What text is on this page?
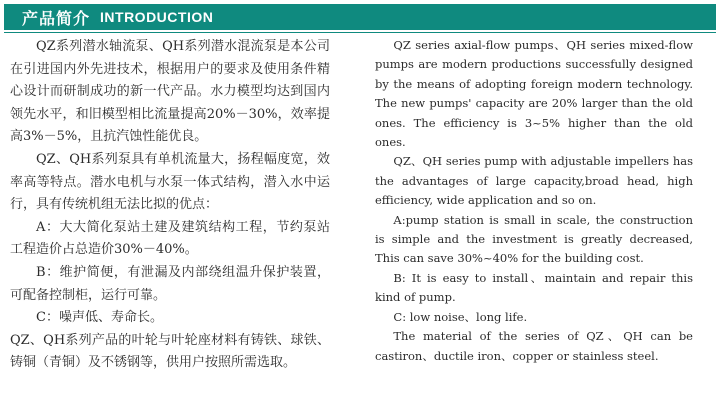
产品简介 INTRODUCTION

QZ系列潜水轴流泵、QH系列潜水混流泵是本公司在引进国内外先进技术，根据用户的要求及使用条件精心设计而研制成功的新一代产品。水力模型均达到国内领先水平，和旧模型相比流量提高20%－30%，效率提高3%－5%，且抗汽蚀性能优良。

QZ、QH系列泵具有单机流量大，扬程幅度宽，效率高等特点。潜水电机与水泵一体式结构，潜入水中运行，具有传统机组无法比拟的优点：

A：大大简化泵站土建及建筑结构工程，节约泵站工程造价占总造价30%－40%。

B：维护简便，有泄漏及内部绕组温升保护装置，可配备控制柜，运行可靠。

C：噪声低、寿命长。

QZ、QH系列产品的叶轮与叶轮座材料有铸铁、球铁、铸铜（青铜）及不锈钢等，供用户按照所需选取。

QZ series axial-flow pumps、QH series mixed-flow pumps are modern productions successfully designed by the means of adopting foreign modern technology. The new pumps' capacity are 20% larger than the old ones. The efficiency is 3~5% higher than the old ones.

QZ、QH series pump with adjustable impellers has the advantages of large capacity,broad head, high efficiency, wide application and so on.

A:pump station is small in scale, the construction is simple and the investment is greatly decreased, This can save 30%~40% for the building cost.

B: It is easy to install、maintain and repair this kind of pump.

C: low noise、long life.

The material of the series of QZ、QH can be castiron、ductile iron、copper or stainless steel.
